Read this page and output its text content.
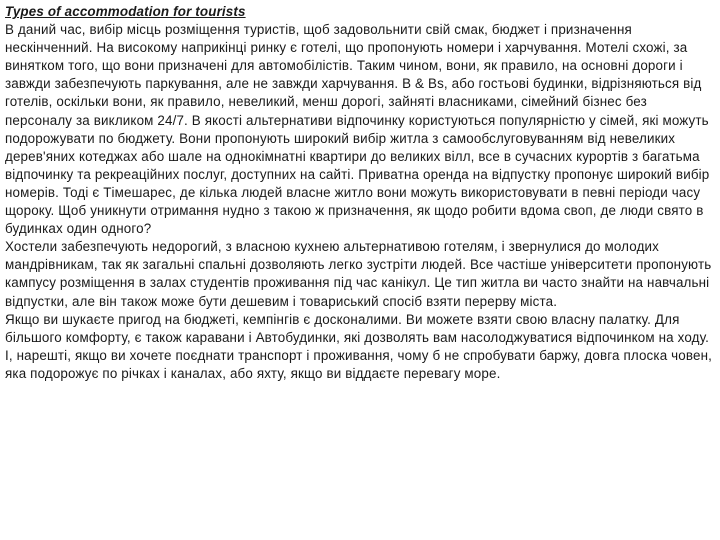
Types of accommodation for tourists

В даний час, вибір місць розміщення туристів, щоб задовольнити свій смак, бюджет і призначення нескінченний. На високому наприкінці ринку є готелі, що пропонують номери і харчування. Мотелі схожі, за винятком того, що вони призначені для автомобілістів. Таким чином, вони, як правило, на основні дороги і завжди забезпечують паркування, але не завжди харчування. B & Bs, або гостьові будинки, відрізняються від готелів, оскільки вони, як правило, невеликий, менш дорогі, зайняті власниками, сімейний бізнес без персоналу за викликом 24/7. В якості альтернативи відпочинку користуються популярністю у сімей, які можуть подорожувати по бюджету. Вони пропонують широкий вибір житла з самообслуговуванням від невеликих дерев'яних котеджах або шале на однокімнатні квартири до великих вілл, все в сучасних курортів з багатьма відпочинку та рекреаційних послуг, доступних на сайті. Приватна оренда на відпустку пропонує широкий вибір номерів. Тоді є Тімешарес, де кілька людей власне житло вони можуть використовувати в певні періоди часу щороку. Щоб уникнути отримання нудно з такою ж призначення, як щодо робити вдома своп, де люди свято в будинках один одного?

Хостели забезпечують недорогий, з власною кухнею альтернативою готелям, і звернулися до молодих мандрівникам, так як загальні спальні дозволяють легко зустріти людей. Все частіше університети пропонують кампусу розміщення в залах студентів проживання під час канікул. Це тип житла ви часто знайти на навчальні відпустки, але він також може бути дешевим і товариський спосіб взяти перерву міста.

Якщо ви шукаєте пригод на бюджеті, кемпінгів є досконалими. Ви можете взяти свою власну палатку. Для більшого комфорту, є також каравани і Автобудинки, які дозволять вам насолоджуватися відпочинком на ходу. І, нарешті, якщо ви хочете поєднати транспорт і проживання, чому б не спробувати баржу, довга плоска човен, яка подорожує по річках і каналах, або яхту, якщо ви віддаєте перевагу море.
